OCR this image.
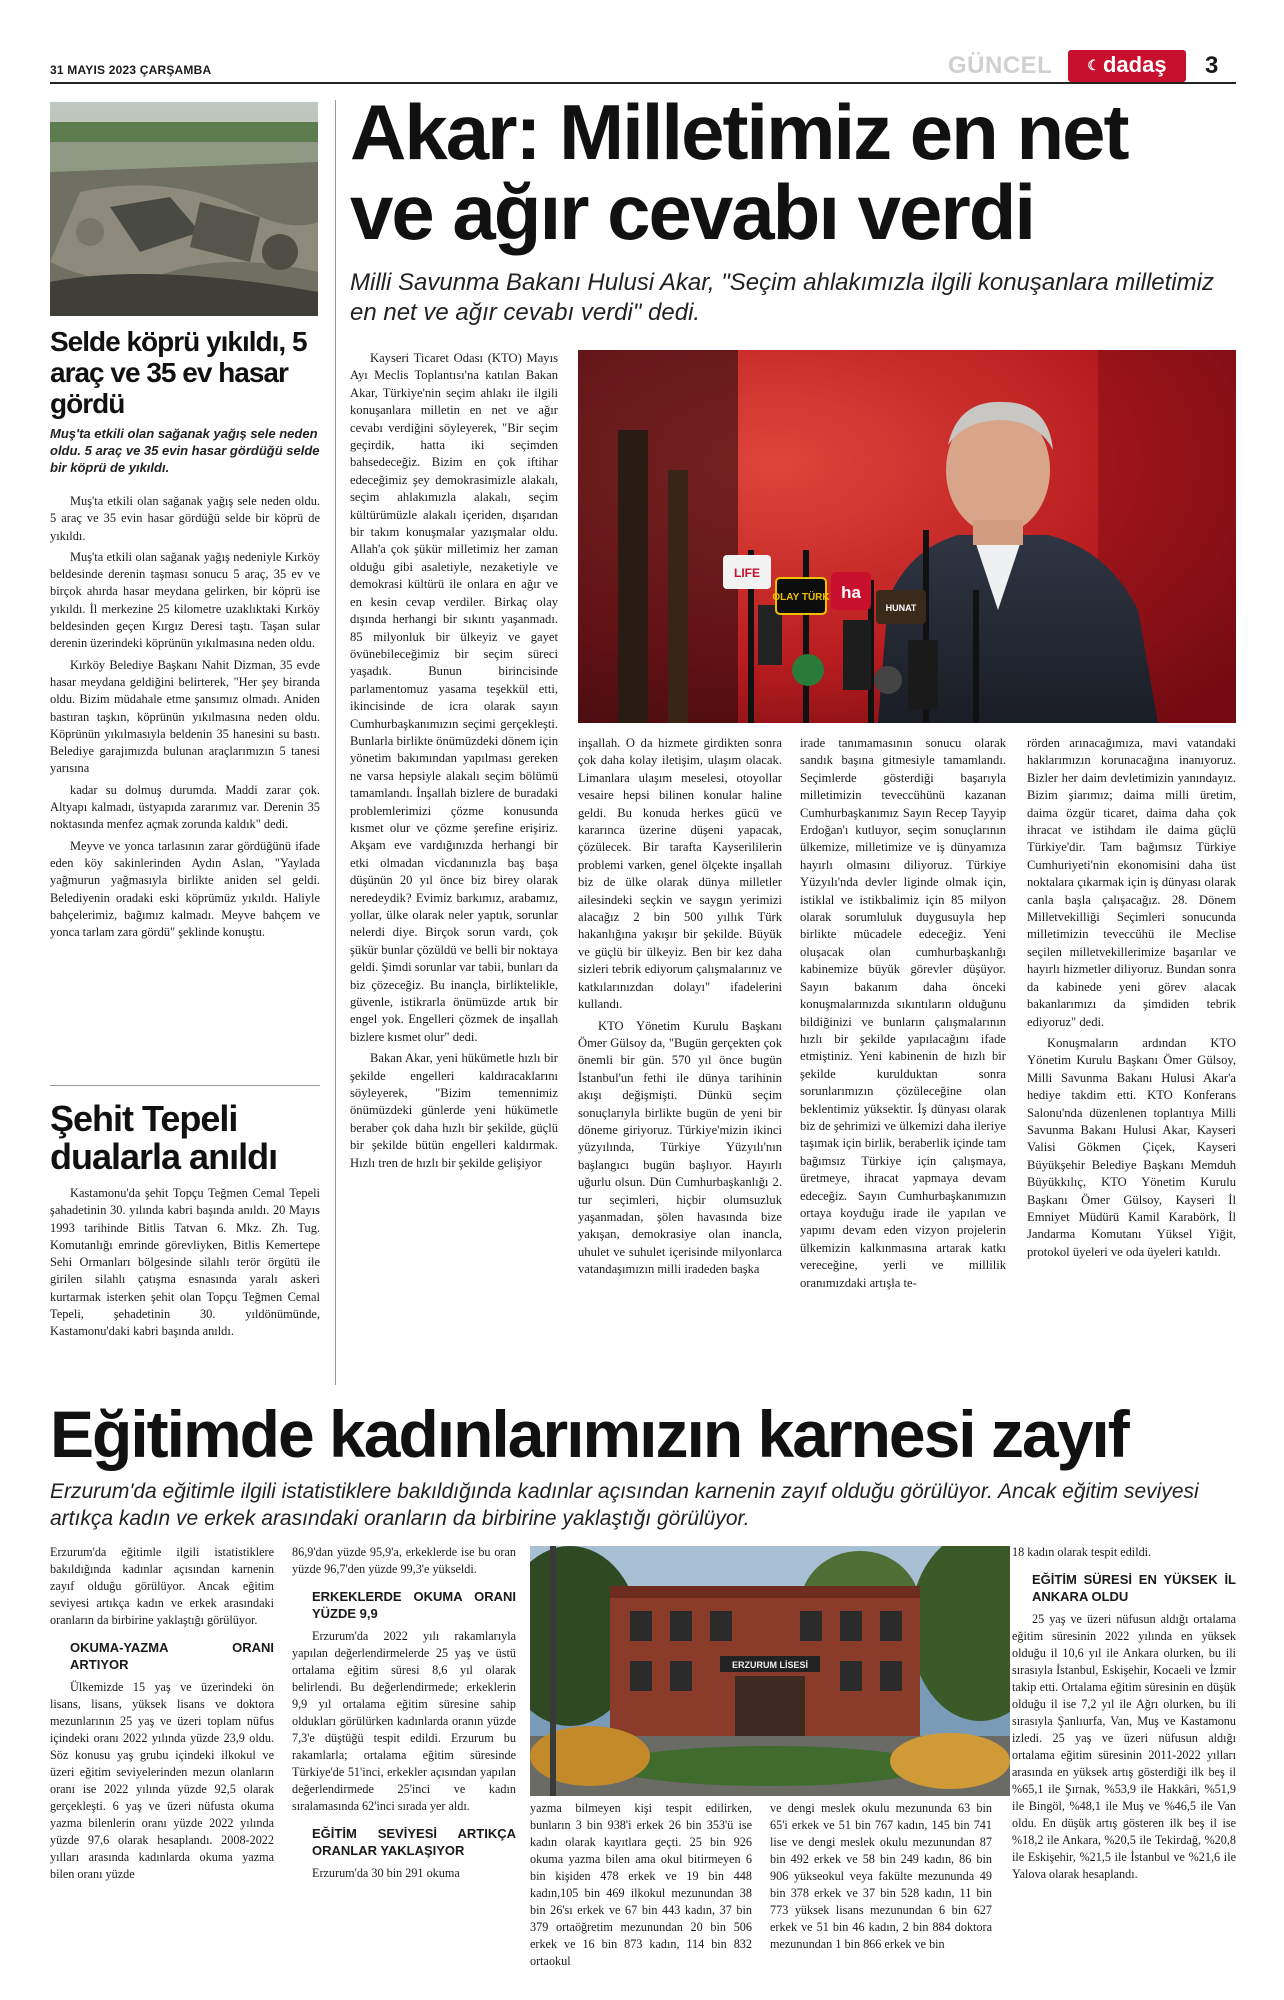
31 MAYIS 2023 ÇARŞAMBA	GÜNCEL	☾ dadaş	3
Selde köprü yıkıldı, 5 araç ve 35 ev hasar gördü
Muş'ta etkili olan sağanak yağış sele neden oldu. 5 araç ve 35 evin hasar gördüğü selde bir köprü de yıkıldı.

Muş'ta etkili olan sağanak yağış sele neden oldu. 5 araç ve 35 evin hasar gördüğü selde bir köprü de yıkıldı.

Muş'ta etkili olan sağanak yağış nedeniyle Kırköy beldesinde derenin taşması sonucu 5 araç, 35 ev ve birçok ahırda hasar meydana gelirken, bir köprü ise yıkıldı. İl merkezine 25 kilometre uzaklıktaki Kırköy beldesinden geçen Kırgız Deresi taştı. Taşan sular derenin üzerindeki köprünün yıkılmasına neden oldu.

Kırköy Belediye Başkanı Nahit Dizman, 35 evde hasar meydana geldiğini belirterek, "Her şey biranda oldu. Bizim müdahale etme şansımız olmadı. Aniden bastıran taşkın, köprünün yıkılmasına neden oldu. Köprünün yıkılmasıyla beldenin 35 hanesini su bastı. Belediye garajımızda bulunan araçlarımızın 5 tanesi yarısına

kadar su dolmuş durumda. Maddi zarar çok. Altyapı kalmadı, üstyapıda zararımız var. Derenin 35 noktasında menfez açmak zorunda kaldık" dedi.

Meyve ve yonca tarlasının zarar gördüğünü ifade eden köy sakinlerinden Aydın Aslan, "Yaylada yağmurun yağmasıyla birlikte aniden sel geldi. Belediyenin oradaki eski köprümüz yıkıldı. Haliyle bahçelerimiz, bağımız kalmadı. Meyve bahçem ve yonca tarlam zara gördü" şeklinde konuştu.

Şehit Tepeli dualarla anıldı

Kastamonu'da şehit Topçu Teğmen Cemal Tepeli şahadetinin 30. yılında kabri başında anıldı. 20 Mayıs 1993 tarihinde Bitlis Tatvan 6. Mkz. Zh. Tug. Komutanlığı emrinde görevliyken, Bitlis Kemertepe Sehi Ormanları bölgesinde silahlı terör örgütü ile girilen silahlı çatışma esnasında yaralı askeri kurtarmak isterken şehit olan Topçu Teğmen Cemal Tepeli, şehadetinin 30. yıldönümünde, Kastamonu'daki kabri başında anıldı.

Akar: Milletimiz en net
ve ağır cevabı verdi
Milli Savunma Bakanı Hulusi Akar, "Seçim ahlakımızla ilgili konuşanlara milletimiz en net ve ağır cevabı verdi" dedi.
LIFE
OLAY TÜRK ha
HUNAT

Kayseri Ticaret Odası (KTO) Mayıs Ayı Meclis Toplantısı'na katılan Bakan Akar, Türkiye'nin seçim ahlakı ile ilgili konuşanlara milletin en net ve ağır cevabı verdiğini söyleyerek, "Bir seçim geçirdik, hatta iki seçimden bahsedeceğiz. Bizim en çok iftihar edeceğimiz şey demokrasimizle alakalı, seçim ahlakımızla alakalı, seçim kültürümüzle alakalı içeriden, dışarıdan bir takım konuşmalar yazışmalar oldu. Allah'a çok şükür milletimiz her zaman olduğu gibi asaletiyle, nezaketiyle ve demokrasi kültürü ile onlara en ağır ve en kesin cevap verdiler. Birkaç olay dışında herhangi bir sıkıntı yaşanmadı. 85 milyonluk bir ülkeyiz ve gayet övünebileceğimiz bir seçim süreci yaşadık. Bunun birincisinde parlamentomuz yasama teşekkül etti, ikincisinde de icra olarak sayın Cumhurbaşkanımızın seçimi gerçekleşti. Bunlarla birlikte önümüzdeki dönem için yönetim bakımından yapılması gereken ne varsa hepsiyle alakalı seçim bölümü tamamlandı. İnşallah bizlere de buradaki problemlerimizi çözme konusunda kısmet olur ve çözme şerefine erişiriz. Akşam eve vardığınızda herhangi bir etki olmadan vicdanınızla baş başa düşünün 20 yıl önce biz birey olarak neredeydik? Evimiz barkımız, arabamız, yollar, ülke olarak neler yaptık, sorunlar nelerdi diye. Birçok sorun vardı, çok şükür bunlar çözüldü ve belli bir noktaya geldi. Şimdi sorunlar var tabii, bunları da biz çözeceğiz. Bu inançla, birliktelikle, güvenle, istikrarla önümüzde artık bir engel yok. Engelleri çözmek de inşallah bizlere kısmet olur" dedi.

Bakan Akar, yeni hükümetle hızlı bir şekilde engelleri kaldıracaklarını söyleyerek, "Bizim temennimiz önümüzdeki günlerde yeni hükümetle beraber çok daha hızlı bir şekilde, güçlü bir şekilde bütün engelleri kaldırmak. Hızlı tren de hızlı bir şekilde gelişiyor

inşallah. O da hizmete girdikten sonra çok daha kolay iletişim, ulaşım olacak. Limanlara ulaşım meselesi, otoyollar vesaire hepsi bilinen konular haline geldi. Bu konuda herkes gücü ve kararınca üzerine düşeni yapacak, çözülecek. Bir tarafta Kayserililerin problemi varken, genel ölçekte inşallah biz de ülke olarak dünya milletler ailesindeki seçkin ve saygın yerimizi alacağız 2 bin 500 yıllık Türk hakanlığına yakışır bir şekilde. Büyük ve güçlü bir ülkeyiz. Ben bir kez daha sizleri tebrik ediyorum çalışmalarınız ve katkılarınızdan dolayı" ifadelerini kullandı.

KTO Yönetim Kurulu Başkanı Ömer Gülsoy da, "Bugün gerçekten çok önemli bir gün. 570 yıl önce bugün İstanbul'un fethi ile dünya tarihinin akışı değişmişti. Dünkü seçim sonuçlarıyla birlikte bugün de yeni bir döneme giriyoruz. Türkiye'mizin ikinci yüzyılında, Türkiye Yüzyılı'nın başlangıcı bugün başlıyor. Hayırlı uğurlu olsun. Dün Cumhurbaşkanlığı 2. tur seçimleri, hiçbir olumsuzluk yaşanmadan, şölen havasında bize yakışan, demokrasiye olan inancla, uhulet ve suhulet içerisinde milyonlarca vatandaşımızın milli iradeden başka

irade tanımamasının sonucu olarak sandık başına gitmesiyle tamamlandı. Seçimlerde gösterdiği başarıyla milletimizin teveccühünü kazanan Cumhurbaşkanımız Sayın Recep Tayyip Erdoğan'ı kutluyor, seçim sonuçlarının ülkemize, milletimize ve iş dünyamıza hayırlı olmasını diliyoruz. Türkiye Yüzyılı'nda devler liginde olmak için, istiklal ve istikbalimiz için 85 milyon olarak sorumluluk duygusuyla hep birlikte mücadele edeceğiz. Yeni oluşacak olan cumhurbaşkanlığı kabinemize büyük görevler düşüyor. Sayın bakanım daha önceki konuşmalarınızda sıkıntıların olduğunu bildiğinizi ve bunların çalışmalarının hızlı bir şekilde yapılacağını ifade etmiştiniz. Yeni kabinenin de hızlı bir şekilde kurulduktan sonra sorunlarımızın çözüleceğine olan beklentimiz yüksektir. İş dünyası olarak biz de şehrimizi ve ülkemizi daha ileriye taşımak için birlik, beraberlik içinde tam bağımsız Türkiye için çalışmaya, üretmeye, ihracat yapmaya devam edeceğiz. Sayın Cumhurbaşkanımızın ortaya koyduğu irade ile yapılan ve yapımı devam eden vizyon projelerin ülkemizin kalkınmasına artarak katkı vereceğine, yerli ve millilik oranımızdaki artışla te-

rörden arınacağımıza, mavi vatandaki haklarımızın korunacağına inanıyoruz. Bizler her daim devletimizin yanındayız. Bizim şiarımız; daima milli üretim, daima özgür ticaret, daima daha çok ihracat ve istihdam ile daima güçlü Türkiye'dir. Tam bağımsız Türkiye Cumhuriyeti'nin ekonomisini daha üst noktalara çıkarmak için iş dünyası olarak canla başla çalışacağız. 28. Dönem Milletvekilliği Seçimleri sonucunda milletimizin teveccühü ile Meclise seçilen milletvekillerimize başarılar ve hayırlı hizmetler diliyoruz. Bundan sonra da kabinede yeni görev alacak bakanlarımızı da şimdiden tebrik ediyoruz" dedi.

Konuşmaların ardından KTO Yönetim Kurulu Başkanı Ömer Gülsoy, Milli Savunma Bakanı Hulusi Akar'a hediye takdim etti. KTO Konferans Salonu'nda düzenlenen toplantıya Milli Savunma Bakanı Hulusi Akar, Kayseri Valisi Gökmen Çiçek, Kayseri Büyükşehir Belediye Başkanı Memduh Büyükkılıç, KTO Yönetim Kurulu Başkanı Ömer Gülsoy, Kayseri İl Emniyet Müdürü Kamil Karabörk, İl Jandarma Komutanı Yüksel Yiğit, protokol üyeleri ve oda üyeleri katıldı.

Eğitimde kadınlarımızın karnesi zayıf
Erzurum'da eğitimle ilgili istatistiklere bakıldığında kadınlar açısından karnenin zayıf olduğu görülüyor. Ancak eğitim seviyesi artıkça kadın ve erkek arasındaki oranların da birbirine yaklaştığı görülüyor.

Erzurum'da eğitimle ilgili istatistiklere bakıldığında kadınlar açısından karnenin zayıf olduğu görülüyor. Ancak eğitim seviyesi artıkça kadın ve erkek arasındaki oranların da birbirine yaklaştığı görülüyor.

OKUMA-YAZMA ORANI ARTIYOR

Ülkemizde 15 yaş ve üzerindeki ön lisans, lisans, yüksek lisans ve doktora mezunlarının 25 yaş ve üzeri toplam nüfus içindeki oranı 2022 yılında yüzde 23,9 oldu. Söz konusu yaş grubu içindeki ilkokul ve üzeri eğitim seviyelerinden mezun olanların oranı ise 2022 yılında yüzde 92,5 olarak gerçekleşti. 6 yaş ve üzeri nüfusta okuma yazma bilenlerin oranı yüzde 2022 yılında yüzde 97,6 olarak hesaplandı. 2008-2022 yılları arasında kadınlarda okuma yazma bilen oranı yüzde

86,9'dan yüzde 95,9'a, erkeklerde ise bu oran yüzde 96,7'den yüzde 99,3'e yükseldi.

ERKEKLERDE OKUMA ORANI YÜZDE 9,9

Erzurum'da 2022 yılı rakamlarıyla yapılan değerlendirmelerde 25 yaş ve üstü ortalama eğitim süresi 8,6 yıl olarak belirlendi. Bu değerlendirmede; erkeklerin 9,9 yıl ortalama eğitim süresine sahip oldukları görülürken kadınlarda oranın yüzde 7,3'e düştüğü tespit edildi. Erzurum bu rakamlarla; ortalama eğitim süresinde Türkiye'de 51'inci, erkekler açısından yapılan değerlendirmede 25'inci ve kadın sıralamasında 62'inci sırada yer aldı.

EĞİTİM SEVİYESİ ARTIKÇA ORANLAR YAKLAŞIYOR

Erzurum'da 30 bin 291 okuma

ERZURUM LİSESİ

yazma bilmeyen kişi tespit edilirken, bunların 3 bin 938'i erkek 26 bin 353'ü ise kadın olarak kayıtlara geçti. 25 bin 926 okuma yazma bilen ama okul bitirmeyen 6 bin kişiden 478 erkek ve 19 bin 448 kadın,105 bin 469 ilkokul mezunundan 38 bin 26'sı erkek ve 67 bin 443 kadın, 37 bin 379 ortaöğretim mezunundan 20 bin 506 erkek ve 16 bin 873 kadın, 114 bin 832 ortaokul

ve dengi meslek okulu mezununda 63 bin 65'i erkek ve 51 bin 767 kadın, 145 bin 741 lise ve dengi meslek okulu mezunundan 87 bin 492 erkek ve 58 bin 249 kadın, 86 bin 906 yükseokul veya fakülte mezununda 49 bin 378 erkek ve 37 bin 528 kadın, 11 bin 773 yüksek lisans mezunundan 6 bin 627 erkek ve 51 bin 46 kadın, 2 bin 884 doktora mezunundan 1 bin 866 erkek ve bin

18 kadın olarak tespit edildi.

EĞİTİM SÜRESİ EN YÜKSEK İL ANKARA OLDU

25 yaş ve üzeri nüfusun aldığı ortalama eğitim süresinin 2022 yılında en yüksek olduğu il 10,6 yıl ile Ankara olurken, bu ili sırasıyla İstanbul, Eskişehir, Kocaeli ve İzmir takip etti. Ortalama eğitim süresinin en düşük olduğu il ise 7,2 yıl ile Ağrı olurken, bu ili sırasıyla Şanlıurfa, Van, Muş ve Kastamonu izledi. 25 yaş ve üzeri nüfusun aldığı ortalama eğitim süresinin 2011-2022 yılları arasında en yüksek artış gösterdiği ilk beş il %65,1 ile Şırnak, %53,9 ile Hakkâri, %51,9 ile Bingöl, %48,1 ile Muş ve %46,5 ile Van oldu. En düşük artış gösteren ilk beş il ise %18,2 ile Ankara, %20,5 ile Tekirdağ, %20,8 ile Eskişehir, %21,5 ile İstanbul ve %21,6 ile Yalova olarak hesaplandı.
